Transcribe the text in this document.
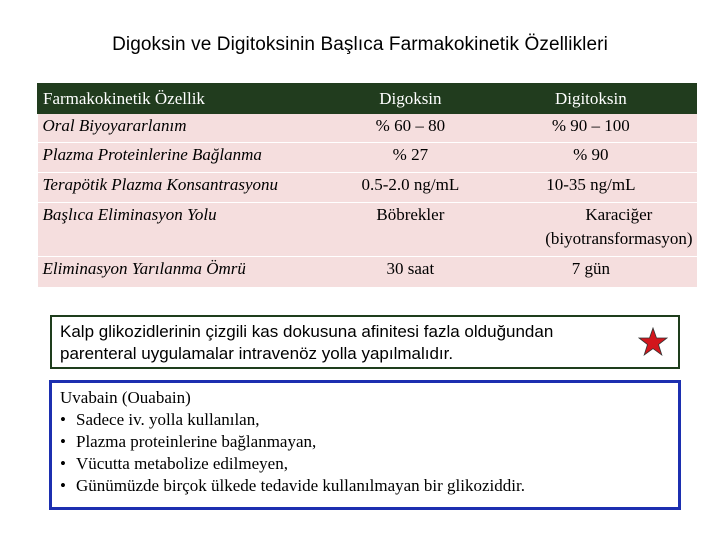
Digoksin ve Digitoksinin Başlıca Farmakokinetik Özellikleri
Farmakokinetik Özellik	Digoksin	Digitoksin
Oral Biyoyararlanım	% 60 – 80	% 90 – 100
Plazma Proteinlerine Bağlanma	% 27	% 90
Terapötik Plazma Konsantrasyonu	0.5-2.0 ng/mL	10-35 ng/mL
Başlıca Eliminasyon Yolu	Böbrekler	Karaciğer (biyotransformasyon)
Eliminasyon Yarılanma Ömrü	30 saat	7 gün
Kalp glikozidlerinin çizgili kas dokusuna afinitesi fazla olduğundan
parenteral uygulamalar intravenöz yolla yapılmalıdır.
Uvabain (Ouabain)
• Sadece iv. yolla kullanılan,
• Plazma proteinlerine bağlanmayan,
• Vücutta metabolize edilmeyen,
• Günümüzde birçok ülkede tedavide kullanılmayan bir glikoziddir.
